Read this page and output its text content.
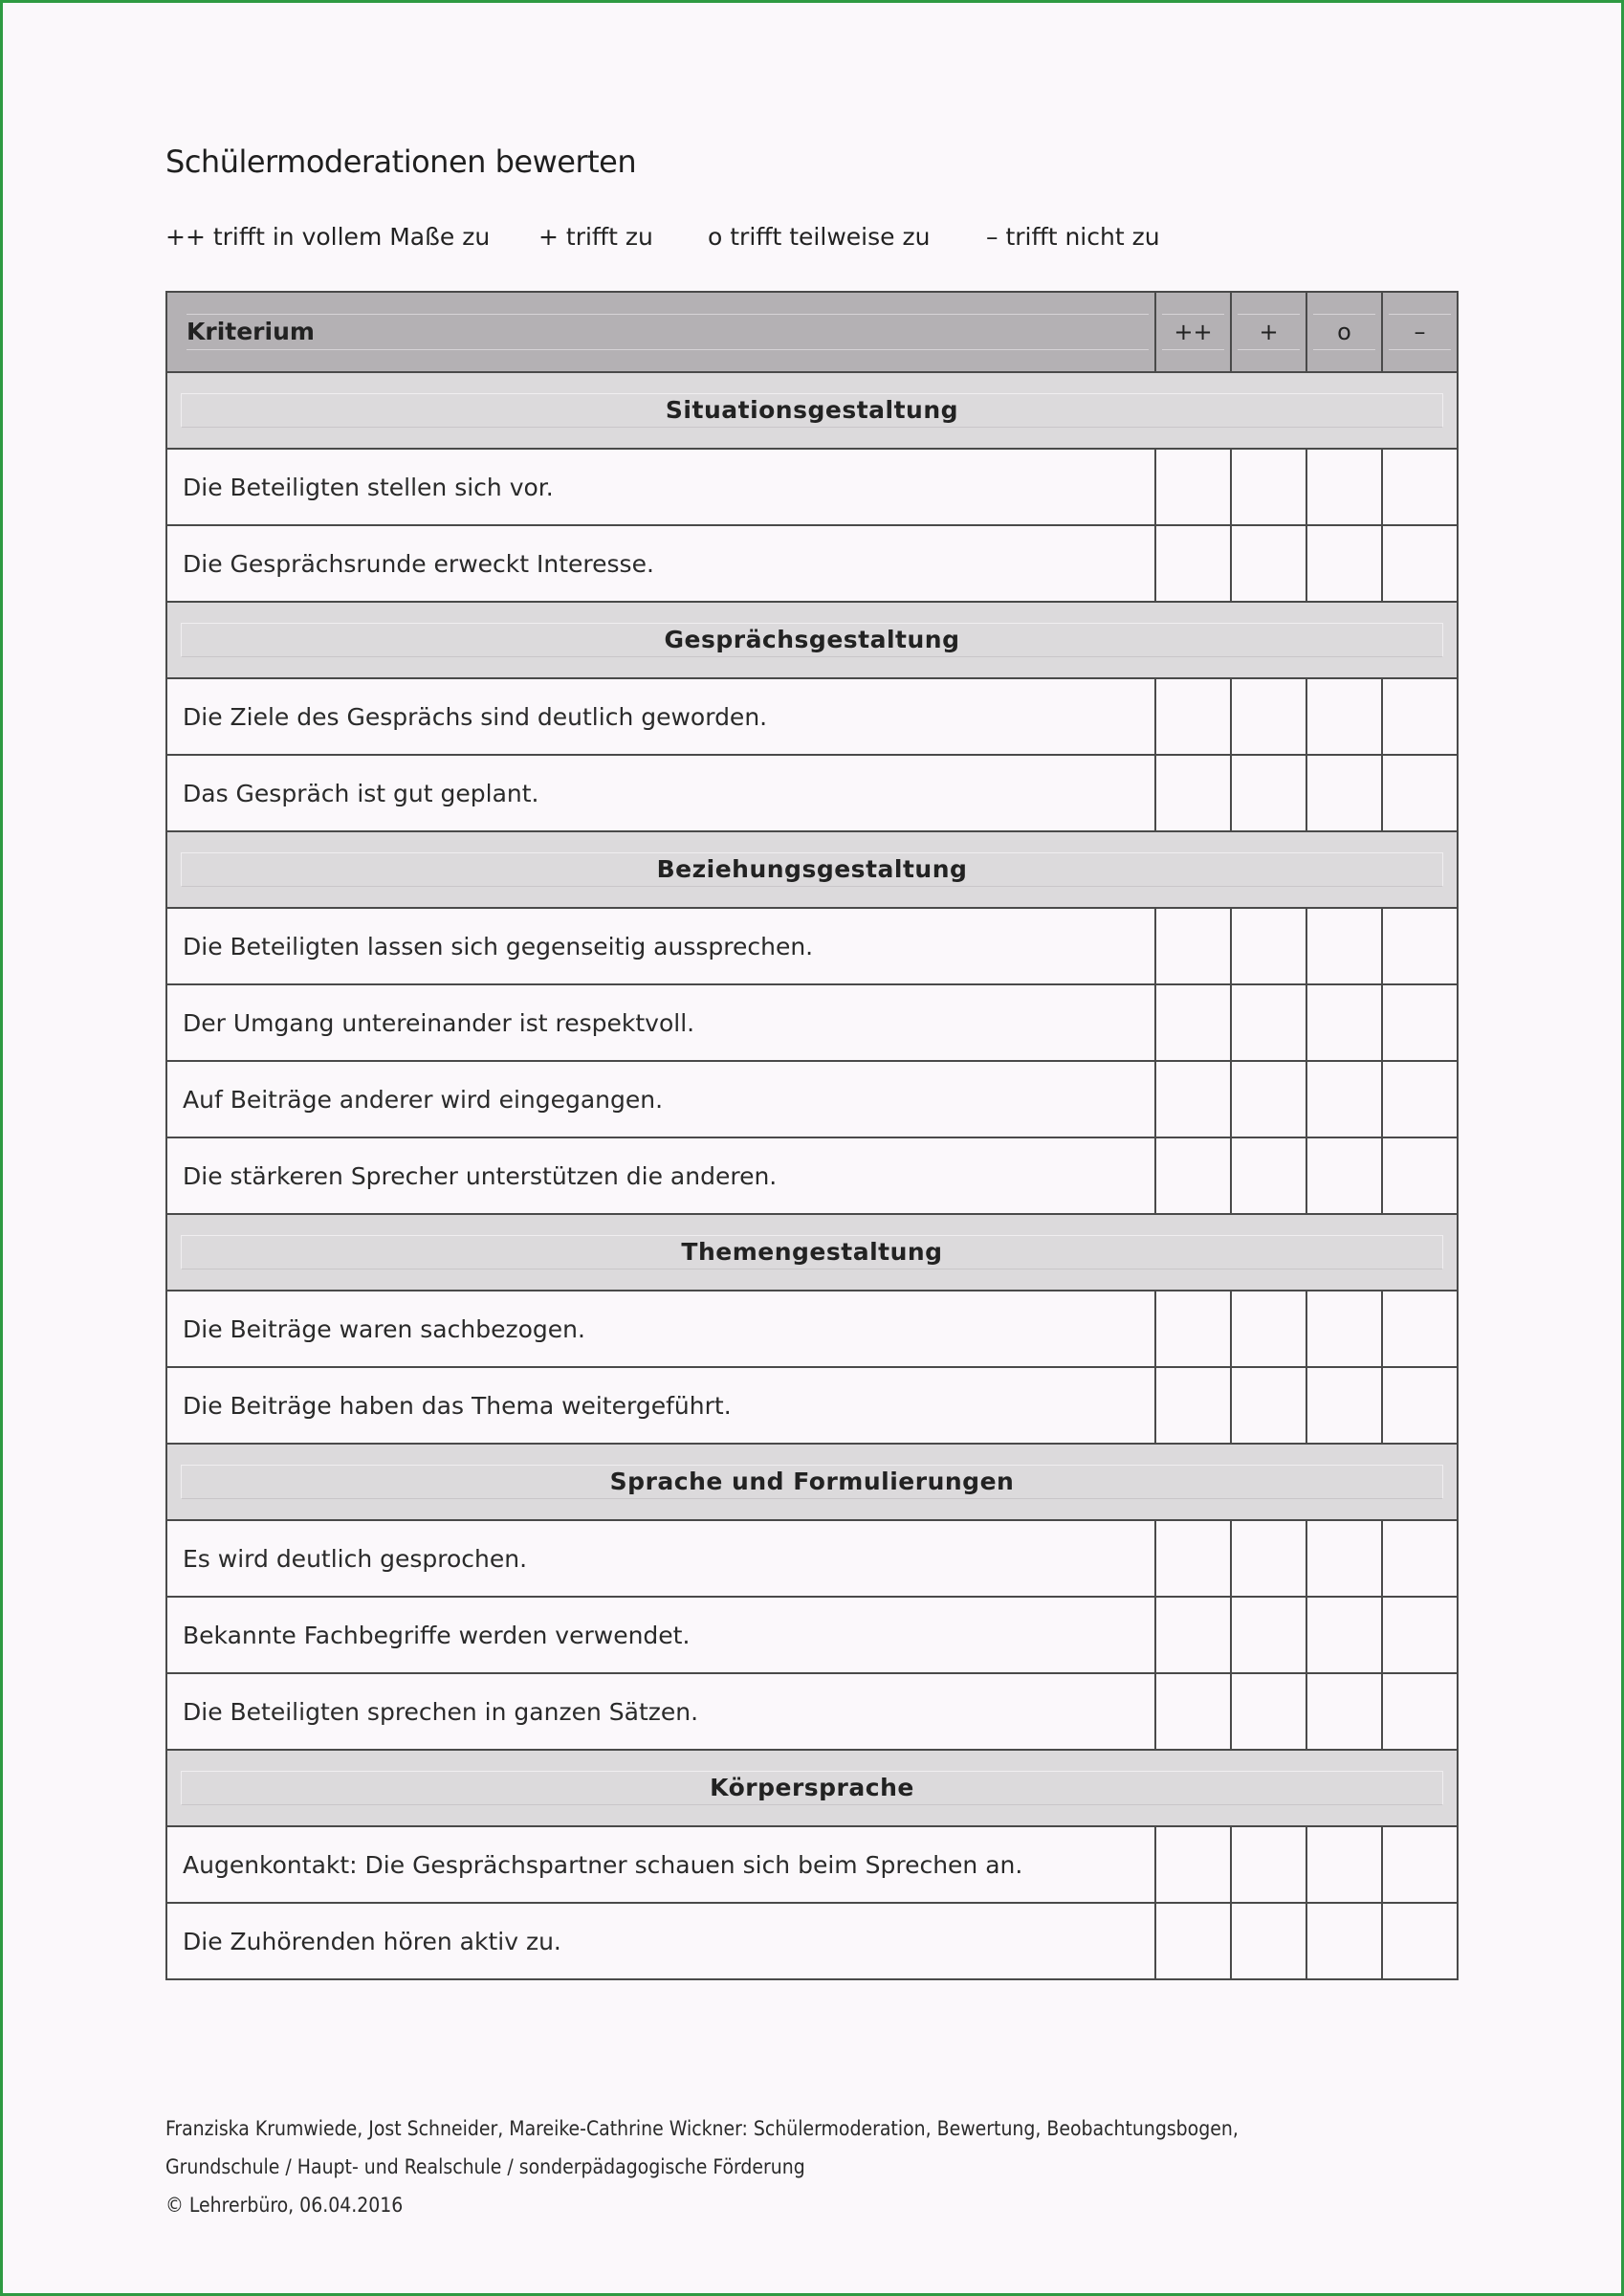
Schülermoderationen bewerten
++ trifft in vollem Maße zu + trifft zu o trifft teilweise zu – trifft nicht zu
Kriterium	++	+	o	–

Situationsgestaltung				

Die Beteiligten stellen sich vor.				
Die Gesprächsrunde erweckt Interesse.				

Gesprächsgestaltung				

Die Ziele des Gesprächs sind deutlich geworden.				
Das Gespräch ist gut geplant.				

Beziehungsgestaltung				

Die Beteiligten lassen sich gegenseitig aussprechen.				
Der Umgang untereinander ist respektvoll.				
Auf Beiträge anderer wird eingegangen.				
Die stärkeren Sprecher unterstützen die anderen.				

Themengestaltung				

Die Beiträge waren sachbezogen.				
Die Beiträge haben das Thema weitergeführt.				

Sprache und Formulierungen				

Es wird deutlich gesprochen.				
Bekannte Fachbegriffe werden verwendet.				
Die Beteiligten sprechen in ganzen Sätzen.				

Körpersprache				

Augenkontakt: Die Gesprächspartner schauen sich beim Sprechen an.				
Die Zuhörenden hören aktiv zu.				
Franziska Krumwiede, Jost Schneider, Mareike-Cathrine Wickner: Schülermoderation, Bewertung, Beobachtungsbogen,
Grundschule / Haupt- und Realschule / sonderpädagogische Förderung
© Lehrerbüro, 06.04.2016
